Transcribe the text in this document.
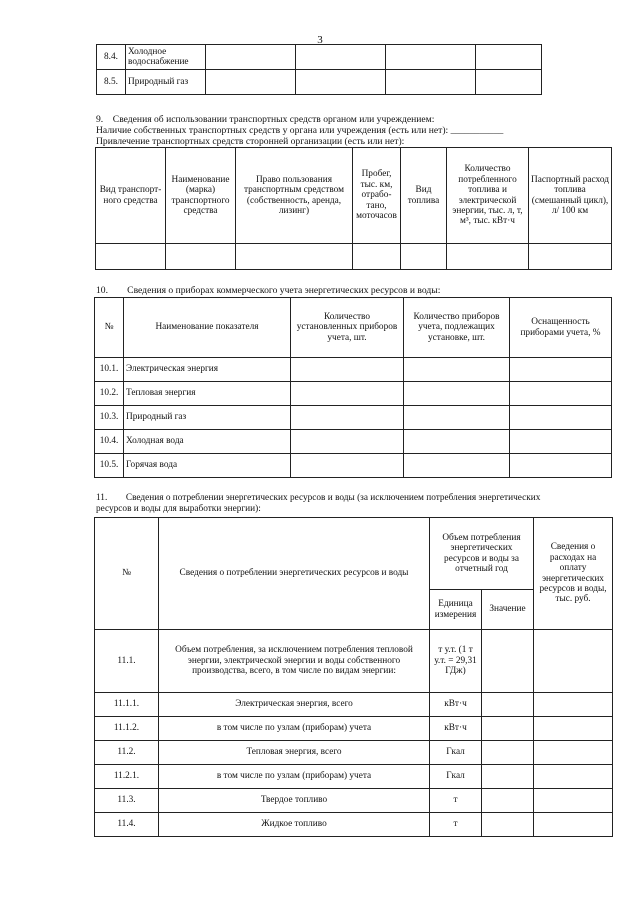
3
8.4.	Холодное водоснабжение				
8.5.	Природный газ				
9. Сведения об использовании транспортных средств органом или учреждением:
Наличие собственных транспортных средств у органа или учреждения (есть или нет): ___________
Привлечение транспортных средств сторонней организации (есть или нет):
Вид транспортного средства	Наименование (марка) транспортного средства	Право пользования транспортным средством (собственность, аренда, лизинг)	Пробег, тыс. км, отработано, моточасов	Вид топлива	Количество потребленного топлива и электрической энергии, тыс. л, т, м³, тыс. кВт·ч	Паспортный расход топлива (смешанный цикл), л/ 100 км

10.  Сведения о приборах коммерческого учета энергетических ресурсов и воды:
№	Наименование показателя	Количество установленных приборов учета, шт.	Количество приборов учета, подлежащих установке, шт.	Оснащенность приборами учета, %
10.1.	Электрическая энергия			
10.2.	Тепловая энергия			
10.3.	Природный газ			
10.4.	Холодная вода			
10.5.	Горячая вода			
11.  Сведения о потреблении энергетических ресурсов и воды (за исключением потребления энергетических
ресурсов и воды для выработки энергии):
№	Сведения о потреблении энергетических ресурсов и воды	Объем потребления энергетических ресурсов и воды за отчетный год		Сведения о расходах на оплату энергетических ресурсов и воды, тыс. руб.
		Единица измерения	Значение	
11.1.	Объем потребления, за исключением потребления тепловой энергии, электрической энергии и воды собственного производства, всего, в том числе по видам энергии:	т у.т. (1 т у.т. = 29,31 ГДж)		
11.1.1.	Электрическая энергия, всего	кВт·ч		
11.1.2.	в том числе по узлам (приборам) учета	кВт·ч		
11.2.	Тепловая энергия, всего	Гкал		
11.2.1.	в том числе по узлам (приборам) учета	Гкал		
11.3.	Твердое топливо	т		
11.4.	Жидкое топливо	т		
